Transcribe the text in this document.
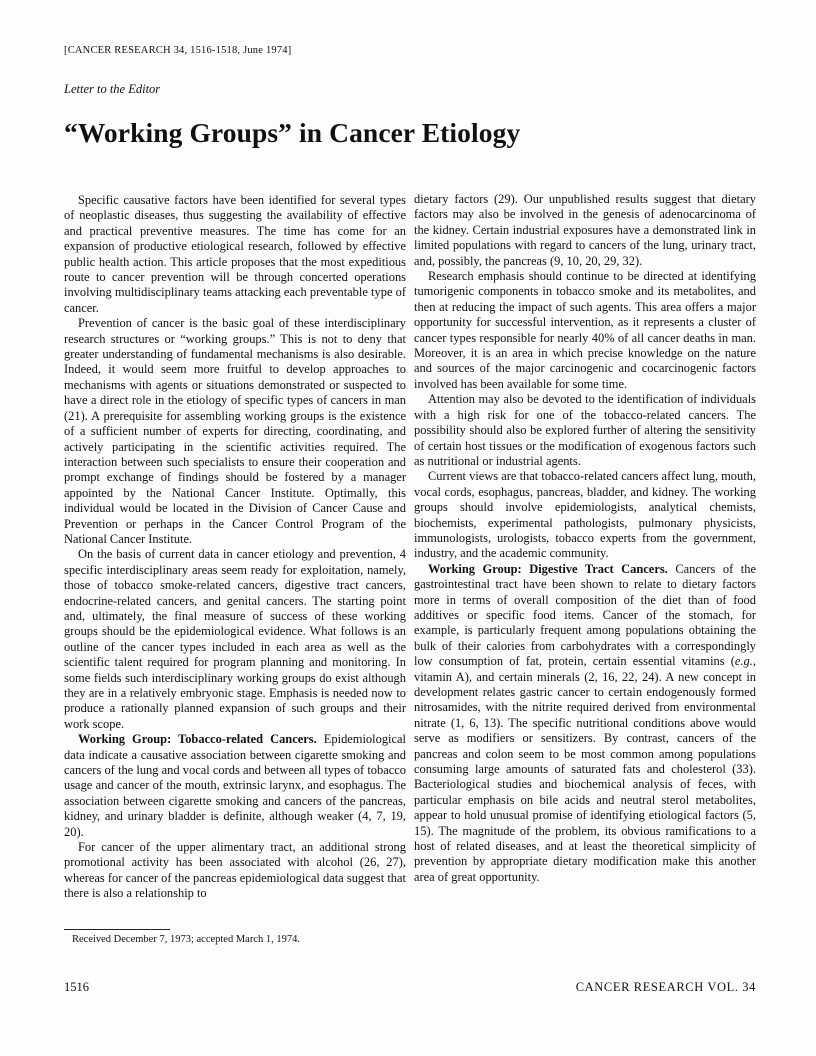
[CANCER RESEARCH 34, 1516-1518, June 1974]
Letter to the Editor
“Working Groups” in Cancer Etiology

Specific causative factors have been identified for several types of neoplastic diseases, thus suggesting the availability of effective and practical preventive measures. The time has come for an expansion of productive etiological research, followed by effective public health action. This article proposes that the most expeditious route to cancer prevention will be through concerted operations involving multidisciplinary teams attacking each preventable type of cancer.

Prevention of cancer is the basic goal of these interdisciplinary research structures or “working groups.” This is not to deny that greater understanding of fundamental mechanisms is also desirable. Indeed, it would seem more fruitful to develop approaches to mechanisms with agents or situations demonstrated or suspected to have a direct role in the etiology of specific types of cancers in man (21). A prerequisite for assembling working groups is the existence of a sufficient number of experts for directing, coordinating, and actively participating in the scientific activities required. The interaction between such specialists to ensure their cooperation and prompt exchange of findings should be fostered by a manager appointed by the National Cancer Institute. Optimally, this individual would be located in the Division of Cancer Cause and Prevention or perhaps in the Cancer Control Program of the National Cancer Institute.

On the basis of current data in cancer etiology and prevention, 4 specific interdisciplinary areas seem ready for exploitation, namely, those of tobacco smoke-related cancers, digestive tract cancers, endocrine-related cancers, and genital cancers. The starting point and, ultimately, the final measure of success of these working groups should be the epidemiological evidence. What follows is an outline of the cancer types included in each area as well as the scientific talent required for program planning and monitoring. In some fields such interdisciplinary working groups do exist although they are in a relatively embryonic stage. Emphasis is needed now to produce a rationally planned expansion of such groups and their work scope.

Working Group: Tobacco-related Cancers. Epidemiological data indicate a causative association between cigarette smoking and cancers of the lung and vocal cords and between all types of tobacco usage and cancer of the mouth, extrinsic larynx, and esophagus. The association between cigarette smoking and cancers of the pancreas, kidney, and urinary bladder is definite, although weaker (4, 7, 19, 20).

For cancer of the upper alimentary tract, an additional strong promotional activity has been associated with alcohol (26, 27), whereas for cancer of the pancreas epidemiological data suggest that there is also a relationship to

dietary factors (29). Our unpublished results suggest that dietary factors may also be involved in the genesis of adenocarcinoma of the kidney. Certain industrial exposures have a demonstrated link in limited populations with regard to cancers of the lung, urinary tract, and, possibly, the pancreas (9, 10, 20, 29, 32).

Research emphasis should continue to be directed at identifying tumorigenic components in tobacco smoke and its metabolites, and then at reducing the impact of such agents. This area offers a major opportunity for successful intervention, as it represents a cluster of cancer types responsible for nearly 40% of all cancer deaths in man. Moreover, it is an area in which precise knowledge on the nature and sources of the major carcinogenic and cocarcinogenic factors involved has been available for some time.

Attention may also be devoted to the identification of individuals with a high risk for one of the tobacco-related cancers. The possibility should also be explored further of altering the sensitivity of certain host tissues or the modification of exogenous factors such as nutritional or industrial agents.

Current views are that tobacco-related cancers affect lung, mouth, vocal cords, esophagus, pancreas, bladder, and kidney. The working groups should involve epidemiologists, analytical chemists, biochemists, experimental pathologists, pulmonary physicists, immunologists, urologists, tobacco experts from the government, industry, and the academic community.

Working Group: Digestive Tract Cancers. Cancers of the gastrointestinal tract have been shown to relate to dietary factors more in terms of overall composition of the diet than of food additives or specific food items. Cancer of the stomach, for example, is particularly frequent among populations obtaining the bulk of their calories from carbohydrates with a correspondingly low consumption of fat, protein, certain essential vitamins (e.g., vitamin A), and certain minerals (2, 16, 22, 24). A new concept in development relates gastric cancer to certain endogenously formed nitrosamides, with the nitrite required derived from environmental nitrate (1, 6, 13). The specific nutritional conditions above would serve as modifiers or sensitizers. By contrast, cancers of the pancreas and colon seem to be most common among populations consuming large amounts of saturated fats and cholesterol (33). Bacteriological studies and biochemical analysis of feces, with particular emphasis on bile acids and neutral sterol metabolites, appear to hold unusual promise of identifying etiological factors (5, 15). The magnitude of the problem, its obvious ramifications to a host of related diseases, and at least the theoretical simplicity of prevention by appropriate dietary modification make this another area of great opportunity.

Received December 7, 1973; accepted March 1, 1974.
1516	CANCER RESEARCH VOL. 34
